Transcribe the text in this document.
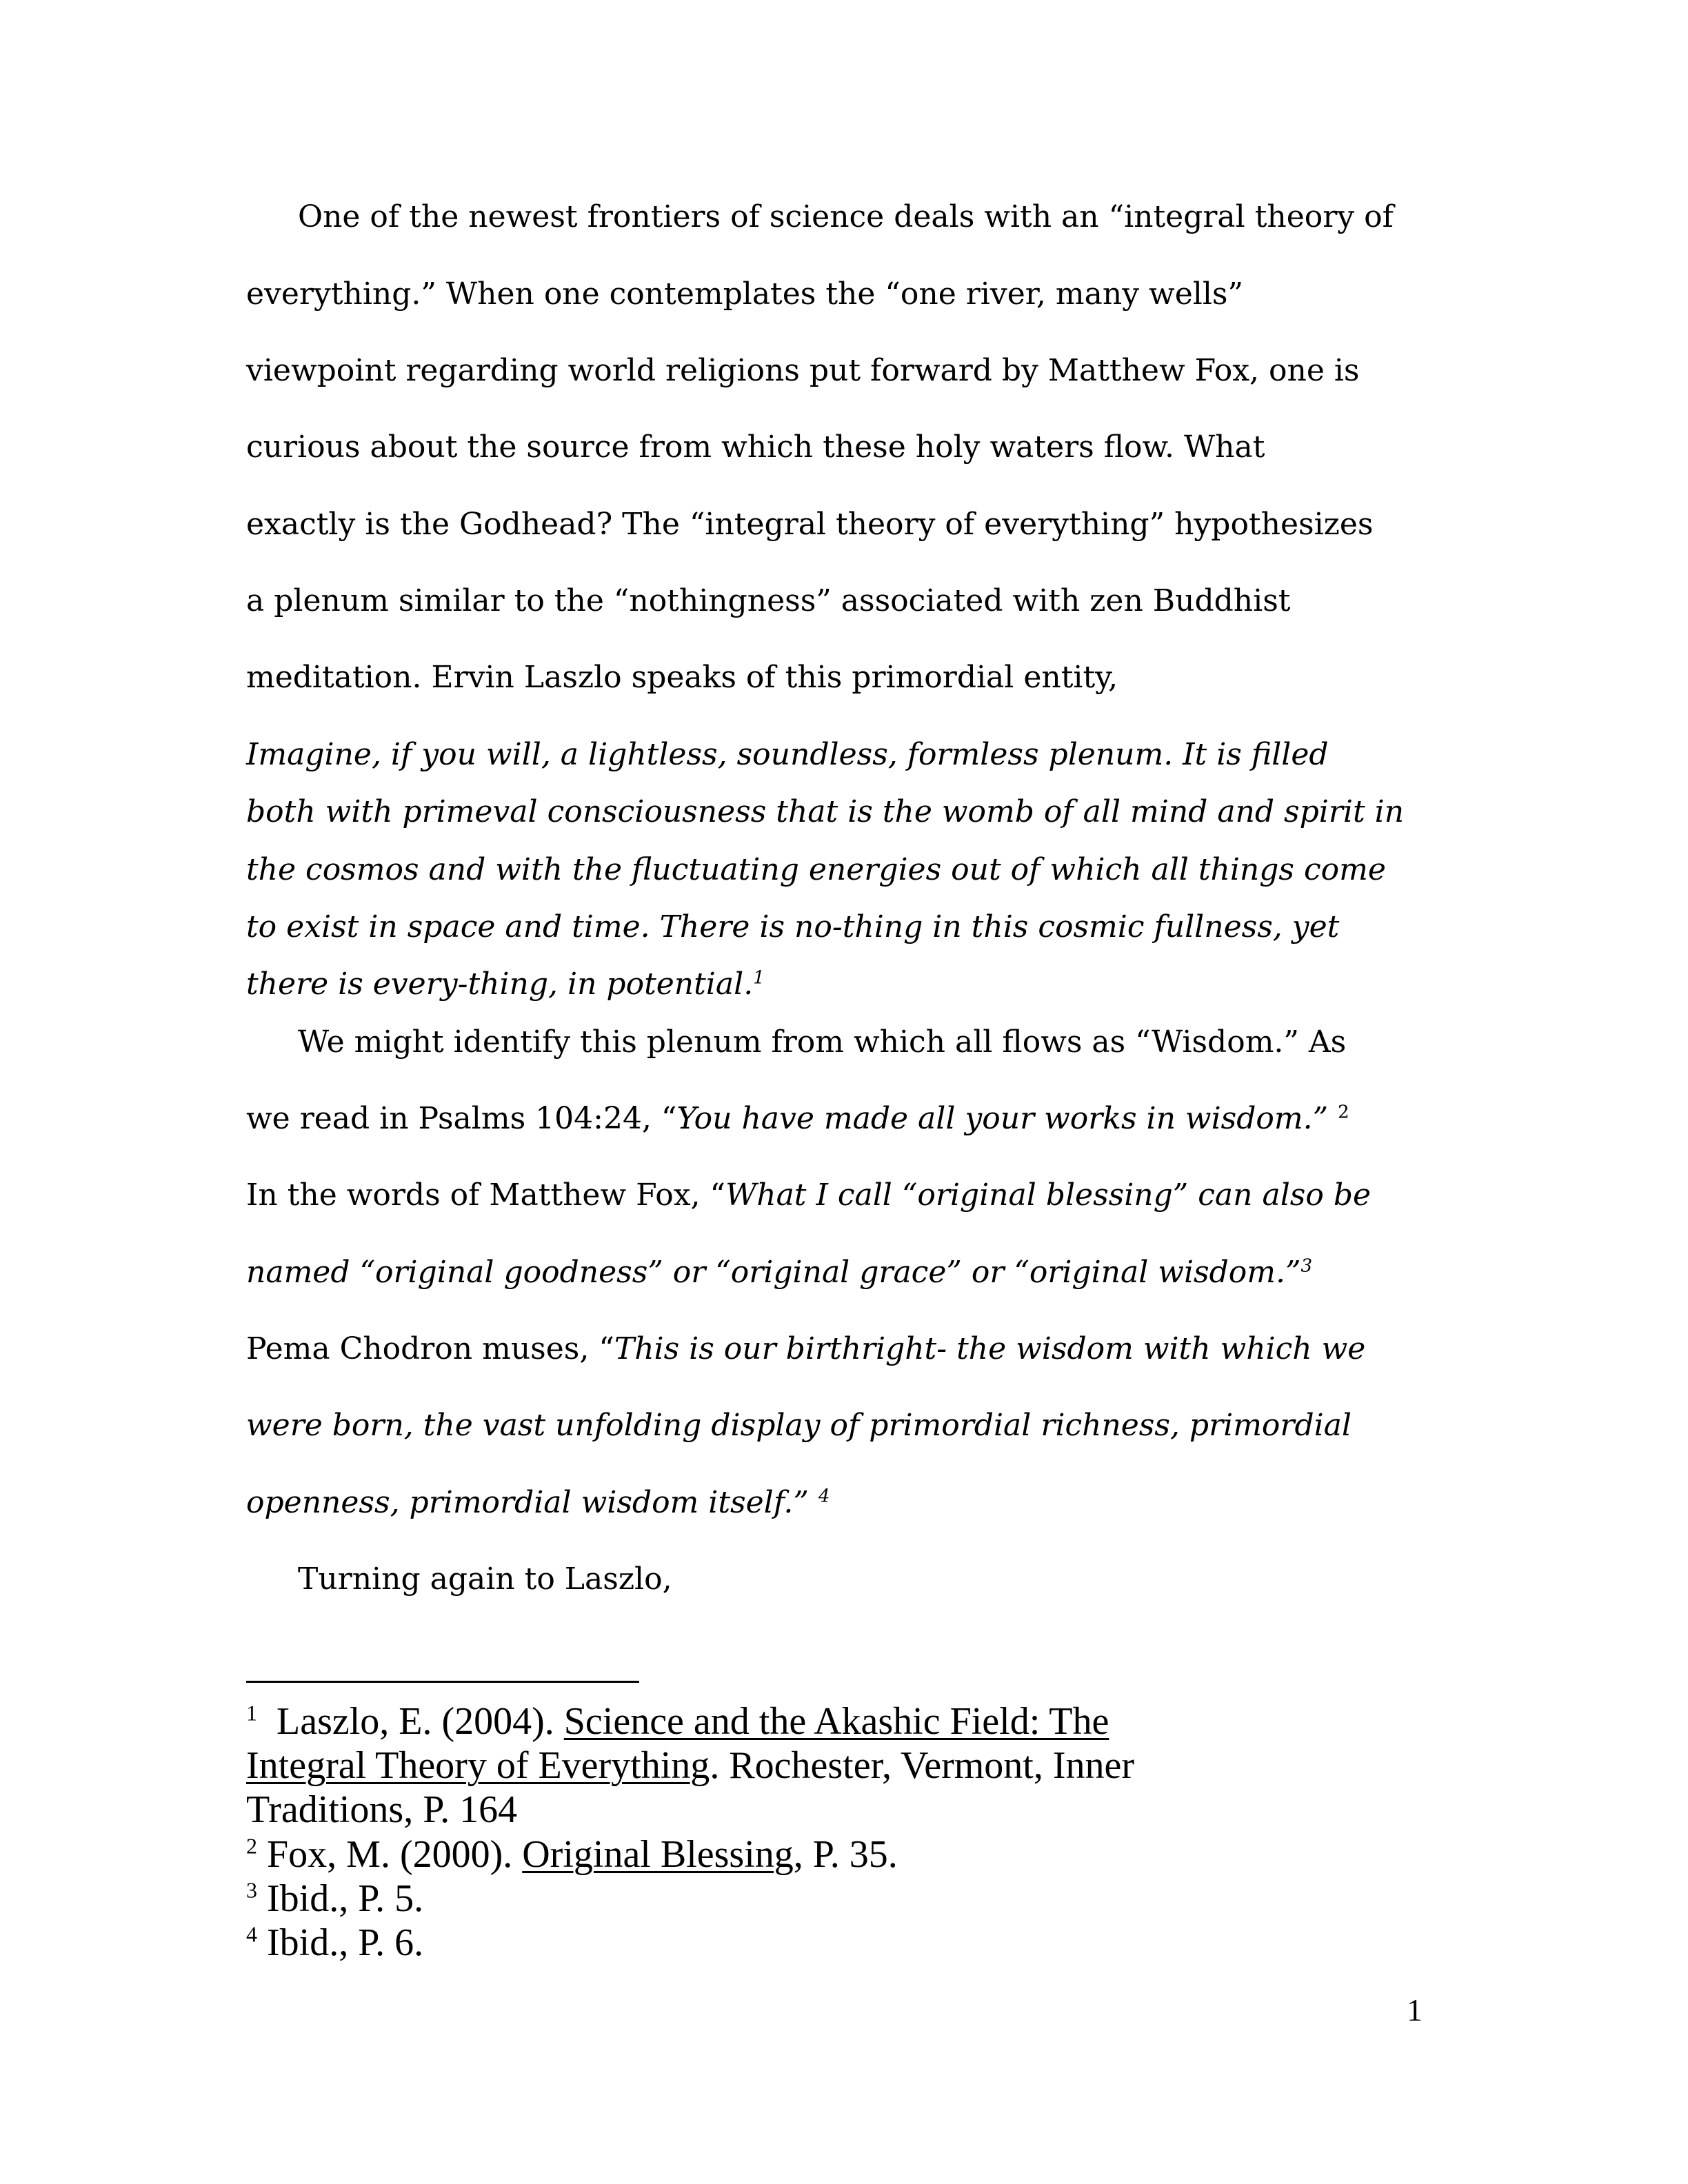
One of the newest frontiers of science deals with an “integral theory of

everything.” When one contemplates the “one river, many wells”

viewpoint regarding world religions put forward by Matthew Fox, one is

curious about the source from which these holy waters flow. What

exactly is the Godhead? The “integral theory of everything” hypothesizes

a plenum similar to the “nothingness” associated with zen Buddhist

meditation. Ervin Laszlo speaks of this primordial entity,

Imagine, if you will, a lightless, soundless, formless plenum. It is filled

both with primeval consciousness that is the womb of all mind and spirit in

the cosmos and with the fluctuating energies out of which all things come

to exist in space and time. There is no-thing in this cosmic fullness, yet

there is every-thing, in potential.$^1$

We might identify this plenum from which all flows as “Wisdom.” As

we read in Psalms 104:24, “You have made all your works in wisdom.” $^2$

In the words of Matthew Fox, “What I call “original blessing” can also be

named “original goodness” or “original grace” or “original wisdom.”$^3$

Pema Chodron muses, “This is our birthright- the wisdom with which we

were born, the vast unfolding display of primordial richness, primordial

openness, primordial wisdom itself.” $^4$

Turning again to Laszlo,

$^1$ Laszlo, E. (2004). Science and the Akashic Field: The

Integral Theory of Everything. Rochester, Vermont, Inner

Traditions, P. 164

$^2$ Fox, M. (2000). Original Blessing, P. 35.

$^3$ Ibid., P. 5.

$^4$ Ibid., P. 6.

1
